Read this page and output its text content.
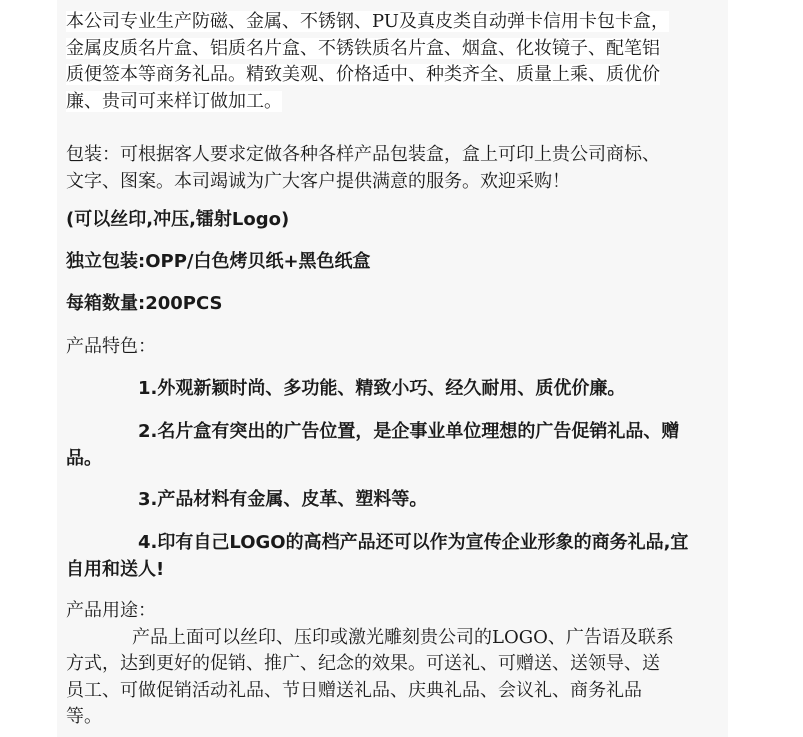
本公司专业生产防磁、金属、不锈钢、PU及真皮类自动弹卡信用卡包卡盒，

金属皮质名片盒、铝质名片盒、不锈铁质名片盒、烟盒、化妆镜子、配笔铝

质便签本等商务礼品。精致美观、价格适中、种类齐全、质量上乘、质优价

廉、贵司可来样订做加工。

包装：可根据客人要求定做各种各样产品包装盒，盒上可印上贵公司商标、

文字、图案。本司竭诚为广大客户提供满意的服务。欢迎采购！

(可以丝印,冲压,镭射Logo)
独立包装:OPP/白色烤贝纸+黑色纸盒
每箱数量:200PCS
产品特色：
1.外观新颖时尚、多功能、精致小巧、经久耐用、质优价廉。

2.名片盒有突出的广告位置，是企事业单位理想的广告促销礼品、赠

品。

3.产品材料有金属、皮革、塑料等。

4.印有自己LOGO的高档产品还可以作为宣传企业形象的商务礼品,宜

自用和送人!

产品用途：

产品上面可以丝印、压印或激光雕刻贵公司的LOGO、广告语及联系

方式，达到更好的促销、推广、纪念的效果。可送礼、可赠送、送领导、送

员工、可做促销活动礼品、节日赠送礼品、庆典礼品、会议礼、商务礼品

等。
